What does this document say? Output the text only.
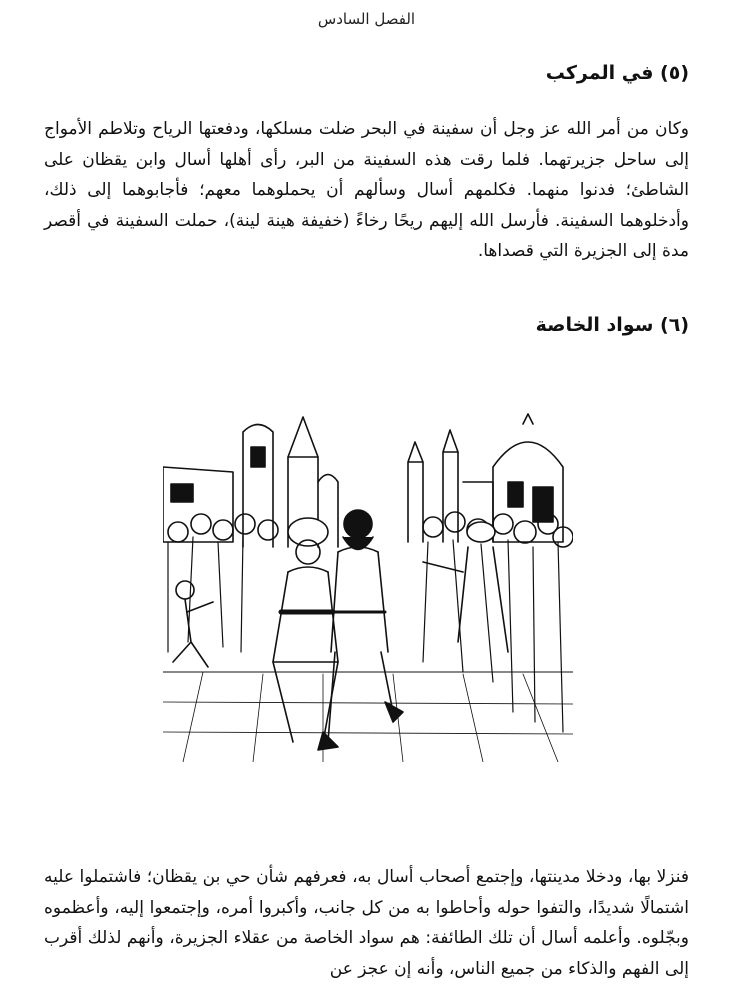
الفصل السادس
(٥) في المركب

وكان من أمر الله عز وجل أن سفينة في البحر ضلت مسلكها، ودفعتها الرياح وتلاطم الأمواج إلى ساحل جزيرتهما. فلما رقت هذه السفينة من البر، رأى أهلها أسال وابن يقظان على الشاطئ؛ فدنوا منهما. فكلمهم أسال وسألهم أن يحملوهما معهم؛ فأجابوهما إلى ذلك، وأدخلوهما السفينة. فأرسل الله إليهم ريحًا رخاءً (خفيفة هينة لينة)، حملت السفينة في أقصر مدة إلى الجزيرة التي قصداها.

(٦) سواد الخاصة

فنزلا بها، ودخلا مدينتها، وإجتمع أصحاب أسال به، فعرفهم شأن حي بن يقظان؛ فاشتملوا عليه اشتمالًا شديدًا، والتفوا حوله وأحاطوا به من كل جانب، وأكبروا أمره، وإجتمعوا إليه، وأعظموه وبجّلوه. وأعلمه أسال أن تلك الطائفة: هم سواد الخاصة من عقلاء الجزيرة، وأنهم لذلك أقرب إلى الفهم والذكاء من جميع الناس، وأنه إن عجز عن
